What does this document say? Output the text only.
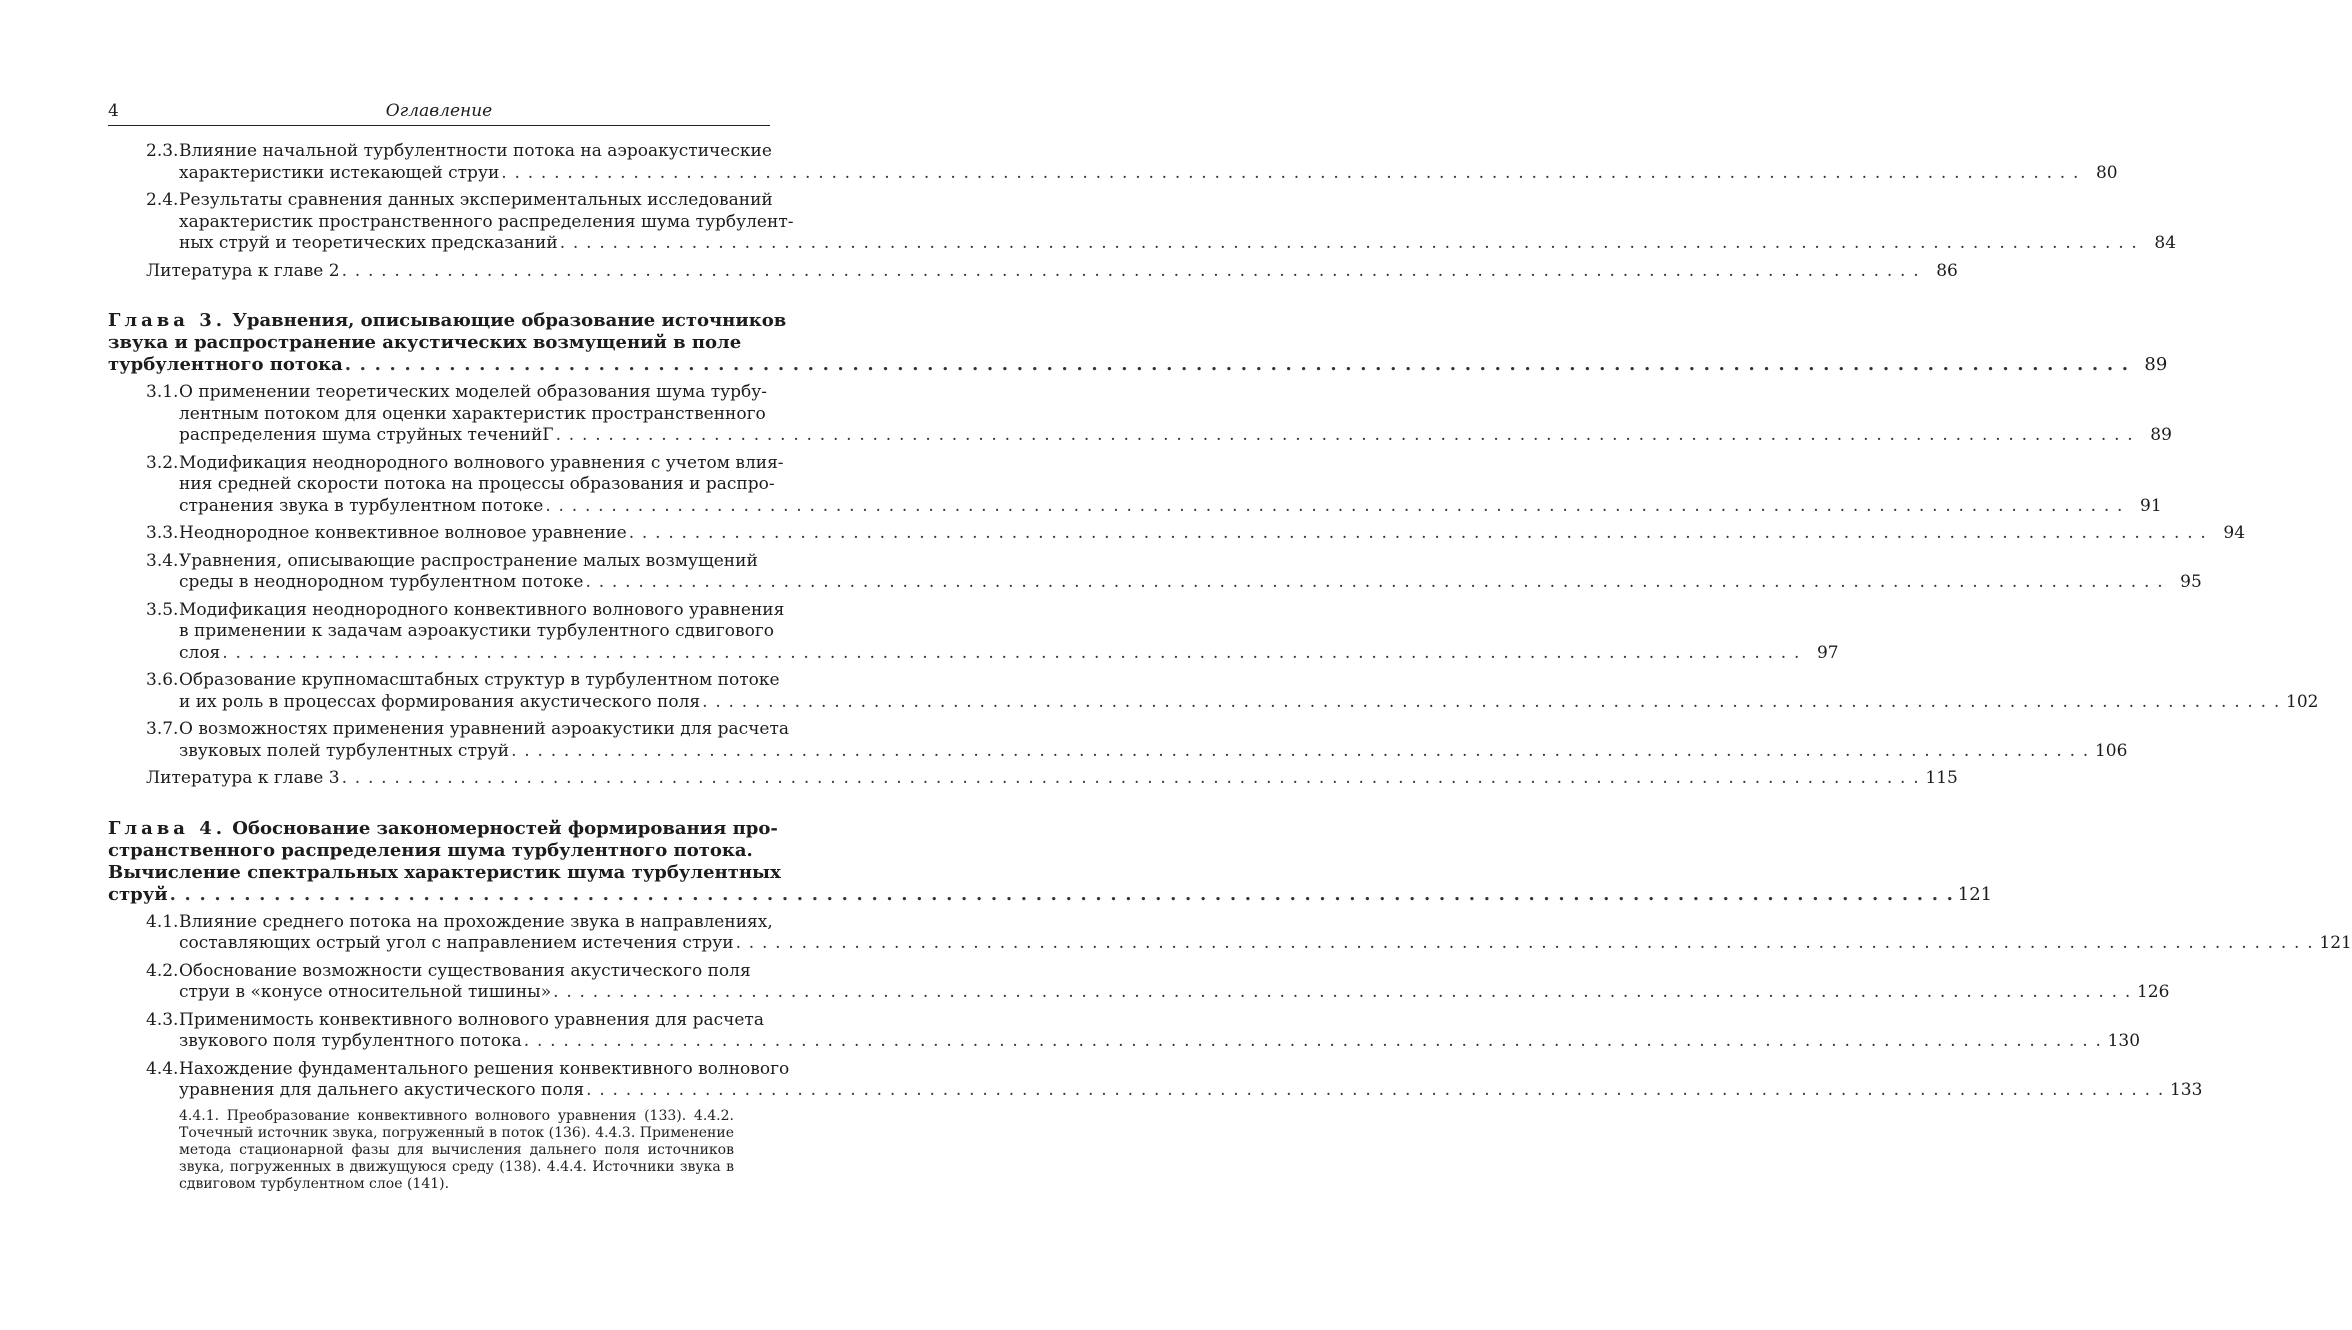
4	Оглавление
2.3. Влияние начальной турбулентности потока на аэроакустические
характеристики истекающей струи . . .	80
2.4. Результаты сравнения данных экспериментальных исследований
характеристик пространственного распределения шума турбулент-
ных струй и теоретических предсказаний . . .	84
Литература к главе 2 . . .	86
Глава 3. Уравнения, описывающие образование источников
звука и распространение акустических возмущений в поле
турбулентного потока . . .	89
3.1. О применении теоретических моделей образования шума турбу-
лентным потоком для оценки характеристик пространственного
распределения шума струйных теченийГ . . .	89
3.2. Модификация неоднородного волнового уравнения с учетом влия-
ния средней скорости потока на процессы образования и распро-
странения звука в турбулентном потоке . . .	91
3.3. Неоднородное конвективное волновое уравнение . . .	94
3.4. Уравнения, описывающие распространение малых возмущений
среды в неоднородном турбулентном потоке . . .	95
3.5. Модификация неоднородного конвективного волнового уравнения
в применении к задачам аэроакустики турбулентного сдвигового
слоя . . .	97
3.6. Образование крупномасштабных структур в турбулентном потоке
и их роль в процессах формирования акустического поля . . .	102
3.7. О возможностях применения уравнений аэроакустики для расчета
звуковых полей турбулентных струй . . .	106
Литература к главе 3 . . .	115
Глава 4. Обоснование закономерностей формирования про-
странственного распределения шума турбулентного потока.
Вычисление спектральных характеристик шума турбулентных
струй . . .	121
4.1. Влияние среднего потока на прохождение звука в направлениях,
составляющих острый угол с направлением истечения струи . . .	121
4.2. Обоснование возможности существования акустического поля
струи в «конусе относительной тишины» . . .	126
4.3. Применимость конвективного волнового уравнения для расчета
звукового поля турбулентного потока . . .	130
4.4. Нахождение фундаментального решения конвективного волнового
уравнения для дальнего акустического поля . . .	133
4.4.1. Преобразование конвективного волнового уравнения (133). 4.4.2. Точечный источник звука, погруженный в поток (136). 4.4.3. Применение метода стационарной фазы для вычисления дальнего поля источников звука, погруженных в движущуюся среду (138). 4.4.4. Источники звука в сдвиговом турбулентном слое (141).
